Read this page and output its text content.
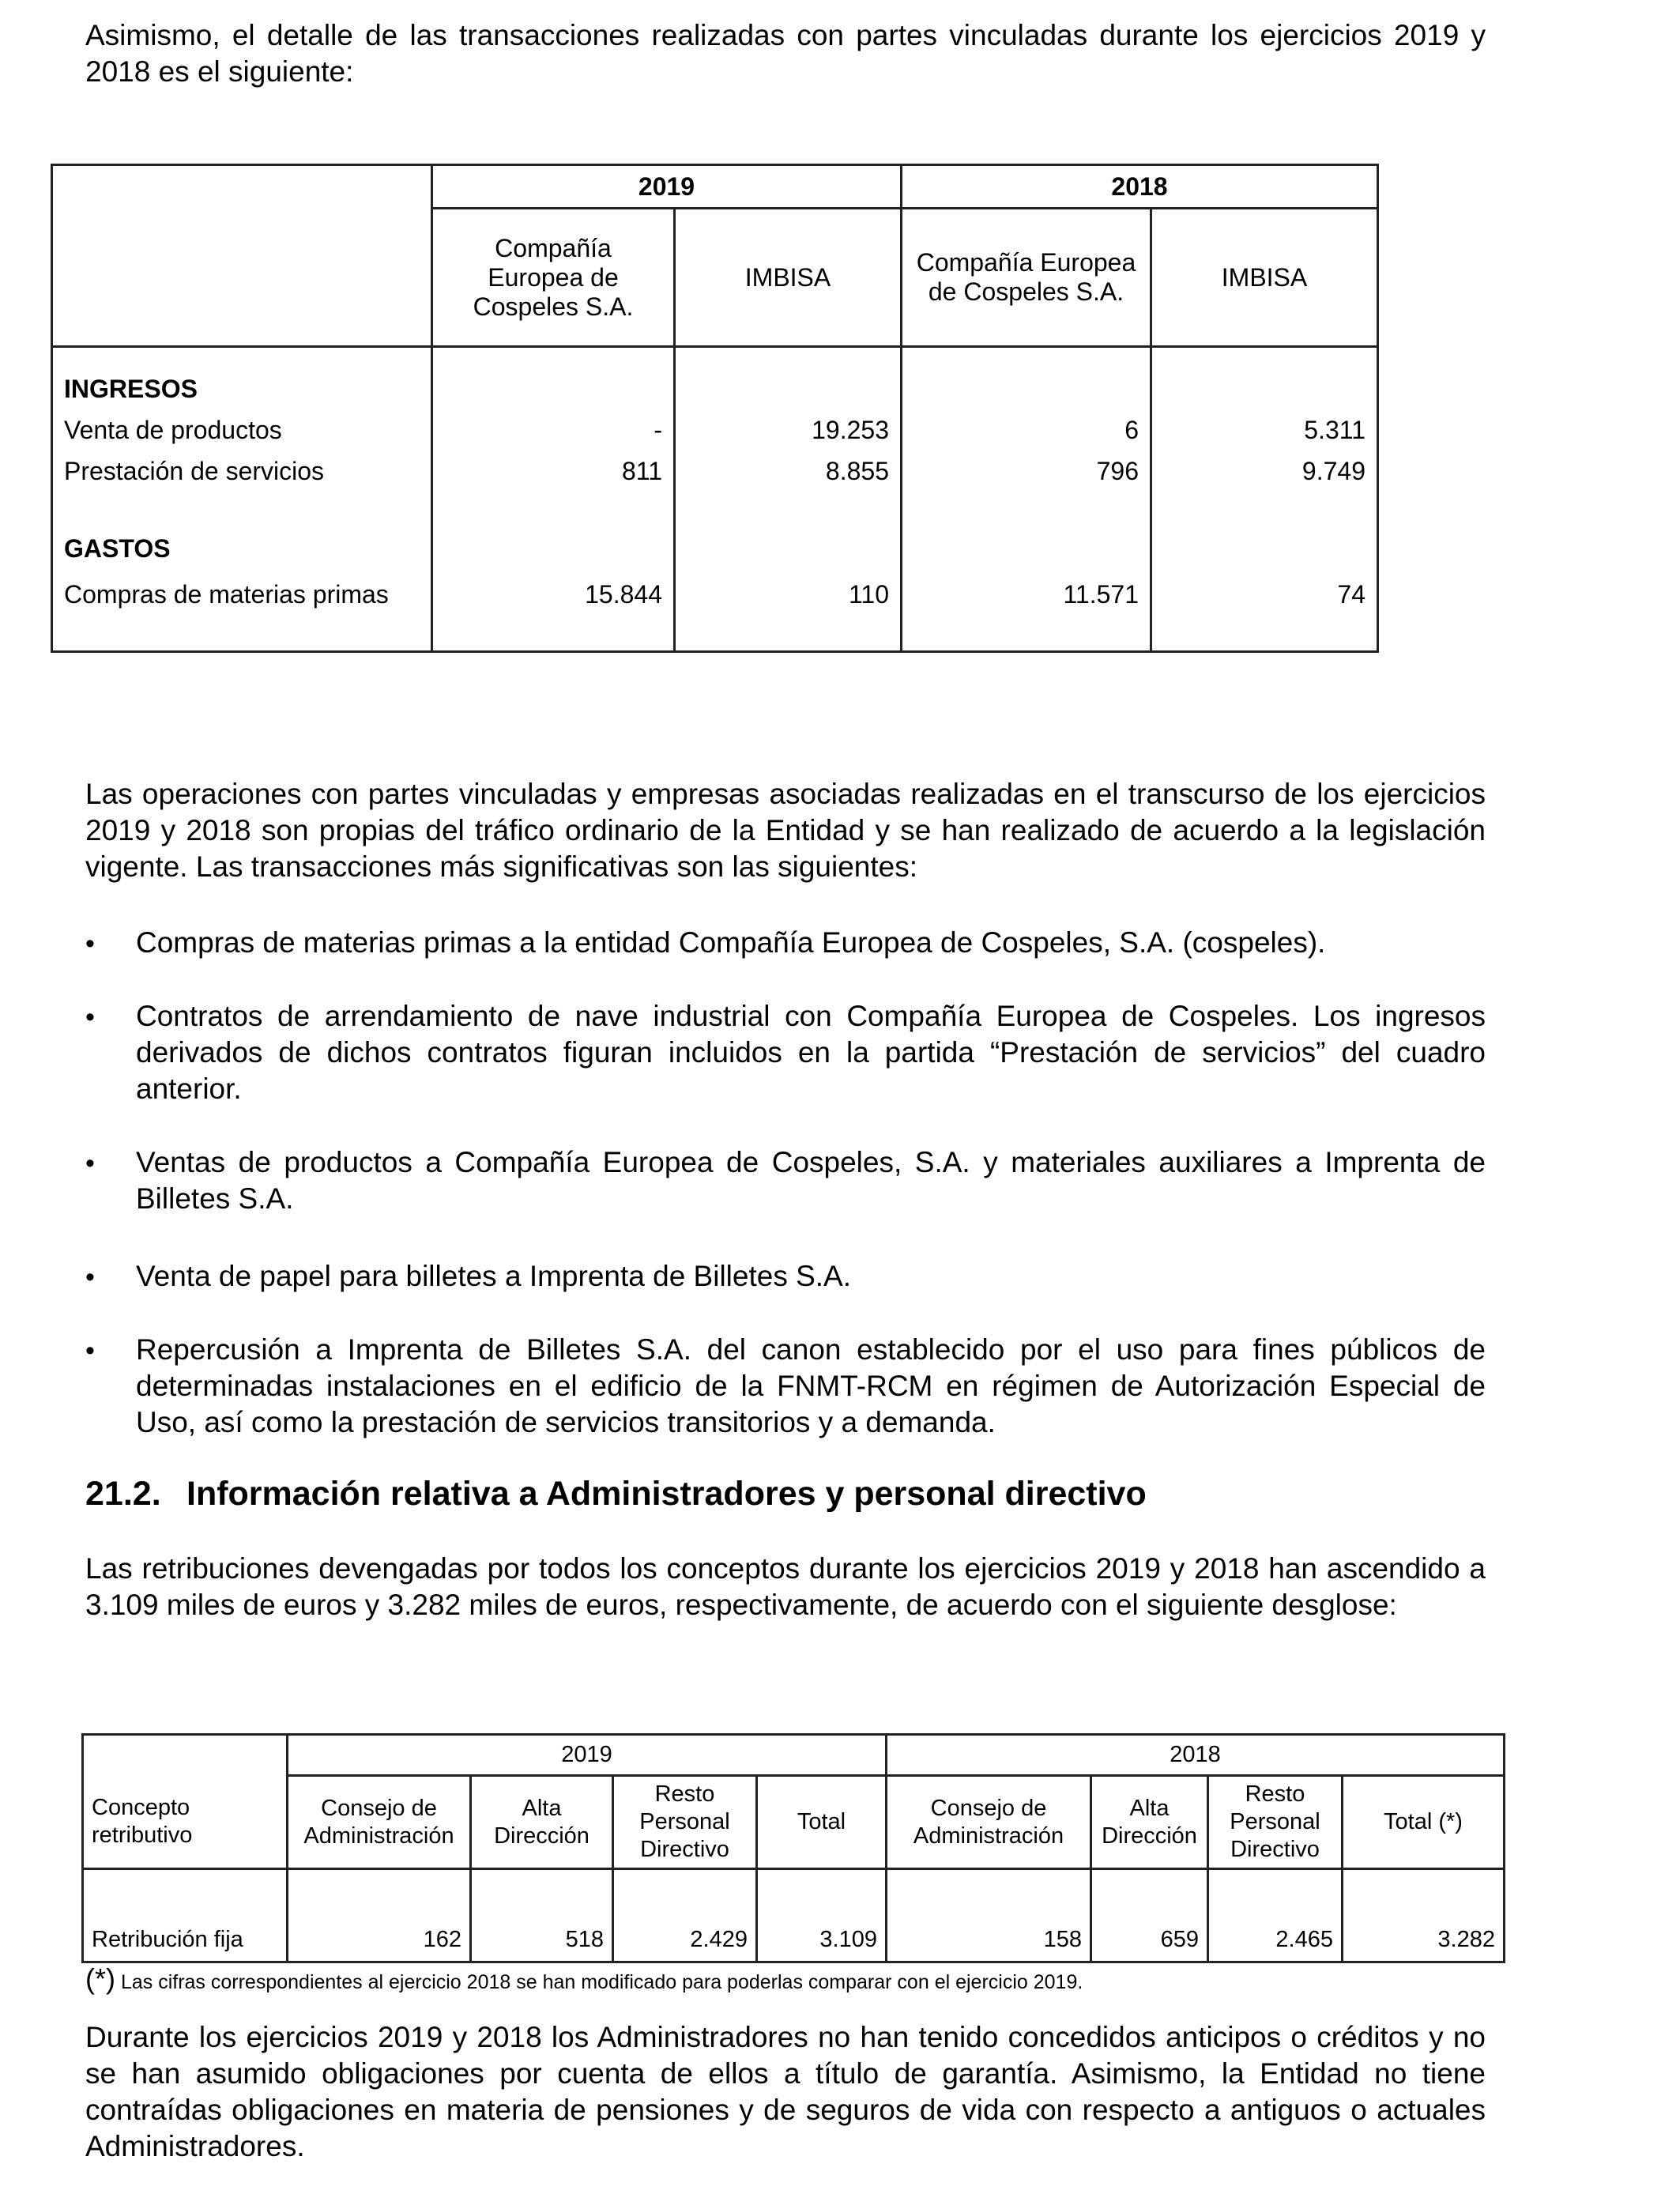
Asimismo, el detalle de las transacciones realizadas con partes vinculadas durante los ejercicios 2019 y 2018 es el siguiente:

	2019		2018	
	Compañía Europea de Cospeles S.A.	IMBISA	Compañía Europea de Cospeles S.A.	IMBISA

INGRESOS				
Venta de productos	-	19.253	6	5.311
Prestación de servicios	811	8.855	796	9.749

GASTOS				
Compras de materias primas	15.844	110	11.571	74

Las operaciones con partes vinculadas y empresas asociadas realizadas en el transcurso de los ejercicios 2019 y 2018 son propias del tráfico ordinario de la Entidad y se han realizado de acuerdo a la legislación vigente. Las transacciones más significativas son las siguientes:

•
Compras de materias primas a la entidad Compañía Europea de Cospeles, S.A. (cospeles).
•
Contratos de arrendamiento de nave industrial con Compañía Europea de Cospeles. Los ingresos derivados de dichos contratos figuran incluidos en la partida “Prestación de servicios” del cuadro anterior.
•
Ventas de productos a Compañía Europea de Cospeles, S.A. y materiales auxiliares a Imprenta de Billetes S.A.
•
Venta de papel para billetes a Imprenta de Billetes S.A.
•
Repercusión a Imprenta de Billetes S.A. del canon establecido por el uso para fines públicos de determinadas instalaciones en el edificio de la FNMT-RCM en régimen de Autorización Especial de Uso, así como la prestación de servicios transitorios y a demanda.
21.2. Información relativa a Administradores y personal directivo

Las retribuciones devengadas por todos los conceptos durante los ejercicios 2019 y 2018 han ascendido a 3.109 miles de euros y 3.282 miles de euros, respectivamente, de acuerdo con el siguiente desglose:

	2019				2018			
Concepto retributivo	Consejo de Administración	Alta Dirección	Resto Personal Directivo	Total	Consejo de Administración	Alta Dirección	Resto Personal Directivo	Total (*)
Retribución fija	162	518	2.429	3.109	158	659	2.465	3.282
(*) Las cifras correspondientes al ejercicio 2018 se han modificado para poderlas comparar con el ejercicio 2019.

Durante los ejercicios 2019 y 2018 los Administradores no han tenido concedidos anticipos o créditos y no se han asumido obligaciones por cuenta de ellos a título de garantía. Asimismo, la Entidad no tiene contraídas obligaciones en materia de pensiones y de seguros de vida con respecto a antiguos o actuales Administradores.
